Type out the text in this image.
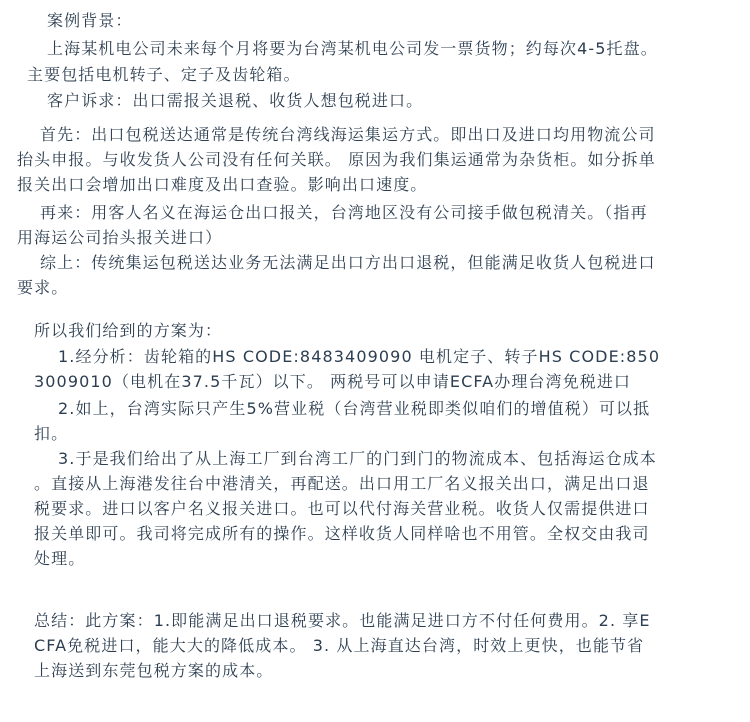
案例背景：

上海某机电公司未来每个月将要为台湾某机电公司发一票货物；约每次4-5托盘。

主要包括电机转子、定子及齿轮箱。

客户诉求：出口需报关退税、收货人想包税进口。

首先：出口包税送达通常是传统台湾线海运集运方式。即出口及进口均用物流公司
抬头申报。与收发货人公司没有任何关联。 原因为我们集运通常为杂货柜。如分拆单
报关出口会增加出口难度及出口查验。影响出口速度。
再来：用客人名义在海运仓出口报关，台湾地区没有公司接手做包税清关。（指再
用海运公司抬头报关进口）
综上：传统集运包税送达业务无法满足出口方出口退税，但能满足收货人包税进口
要求。

所以我们给到的方案为：

1.经分析：齿轮箱的HS CODE:8483409090 电机定子、转子HS CODE:850
3009010（电机在37.5千瓦）以下。 两税号可以申请ECFA办理台湾免税进口
2.如上，台湾实际只产生5%营业税（台湾营业税即类似咱们的增值税）可以抵
扣。
3.于是我们给出了从上海工厂到台湾工厂的门到门的物流成本、包括海运仓成本
。直接从上海港发往台中港清关，再配送。出口用工厂名义报关出口，满足出口退
税要求。进口以客户名义报关进口。也可以代付海关营业税。收货人仅需提供进口
报关单即可。我司将完成所有的操作。这样收货人同样啥也不用管。全权交由我司
处理。
总结：此方案：1.即能满足出口退税要求。也能满足进口方不付任何费用。2. 享E
CFA免税进口，能大大的降低成本。 3. 从上海直达台湾，时效上更快，也能节省
上海送到东莞包税方案的成本。
